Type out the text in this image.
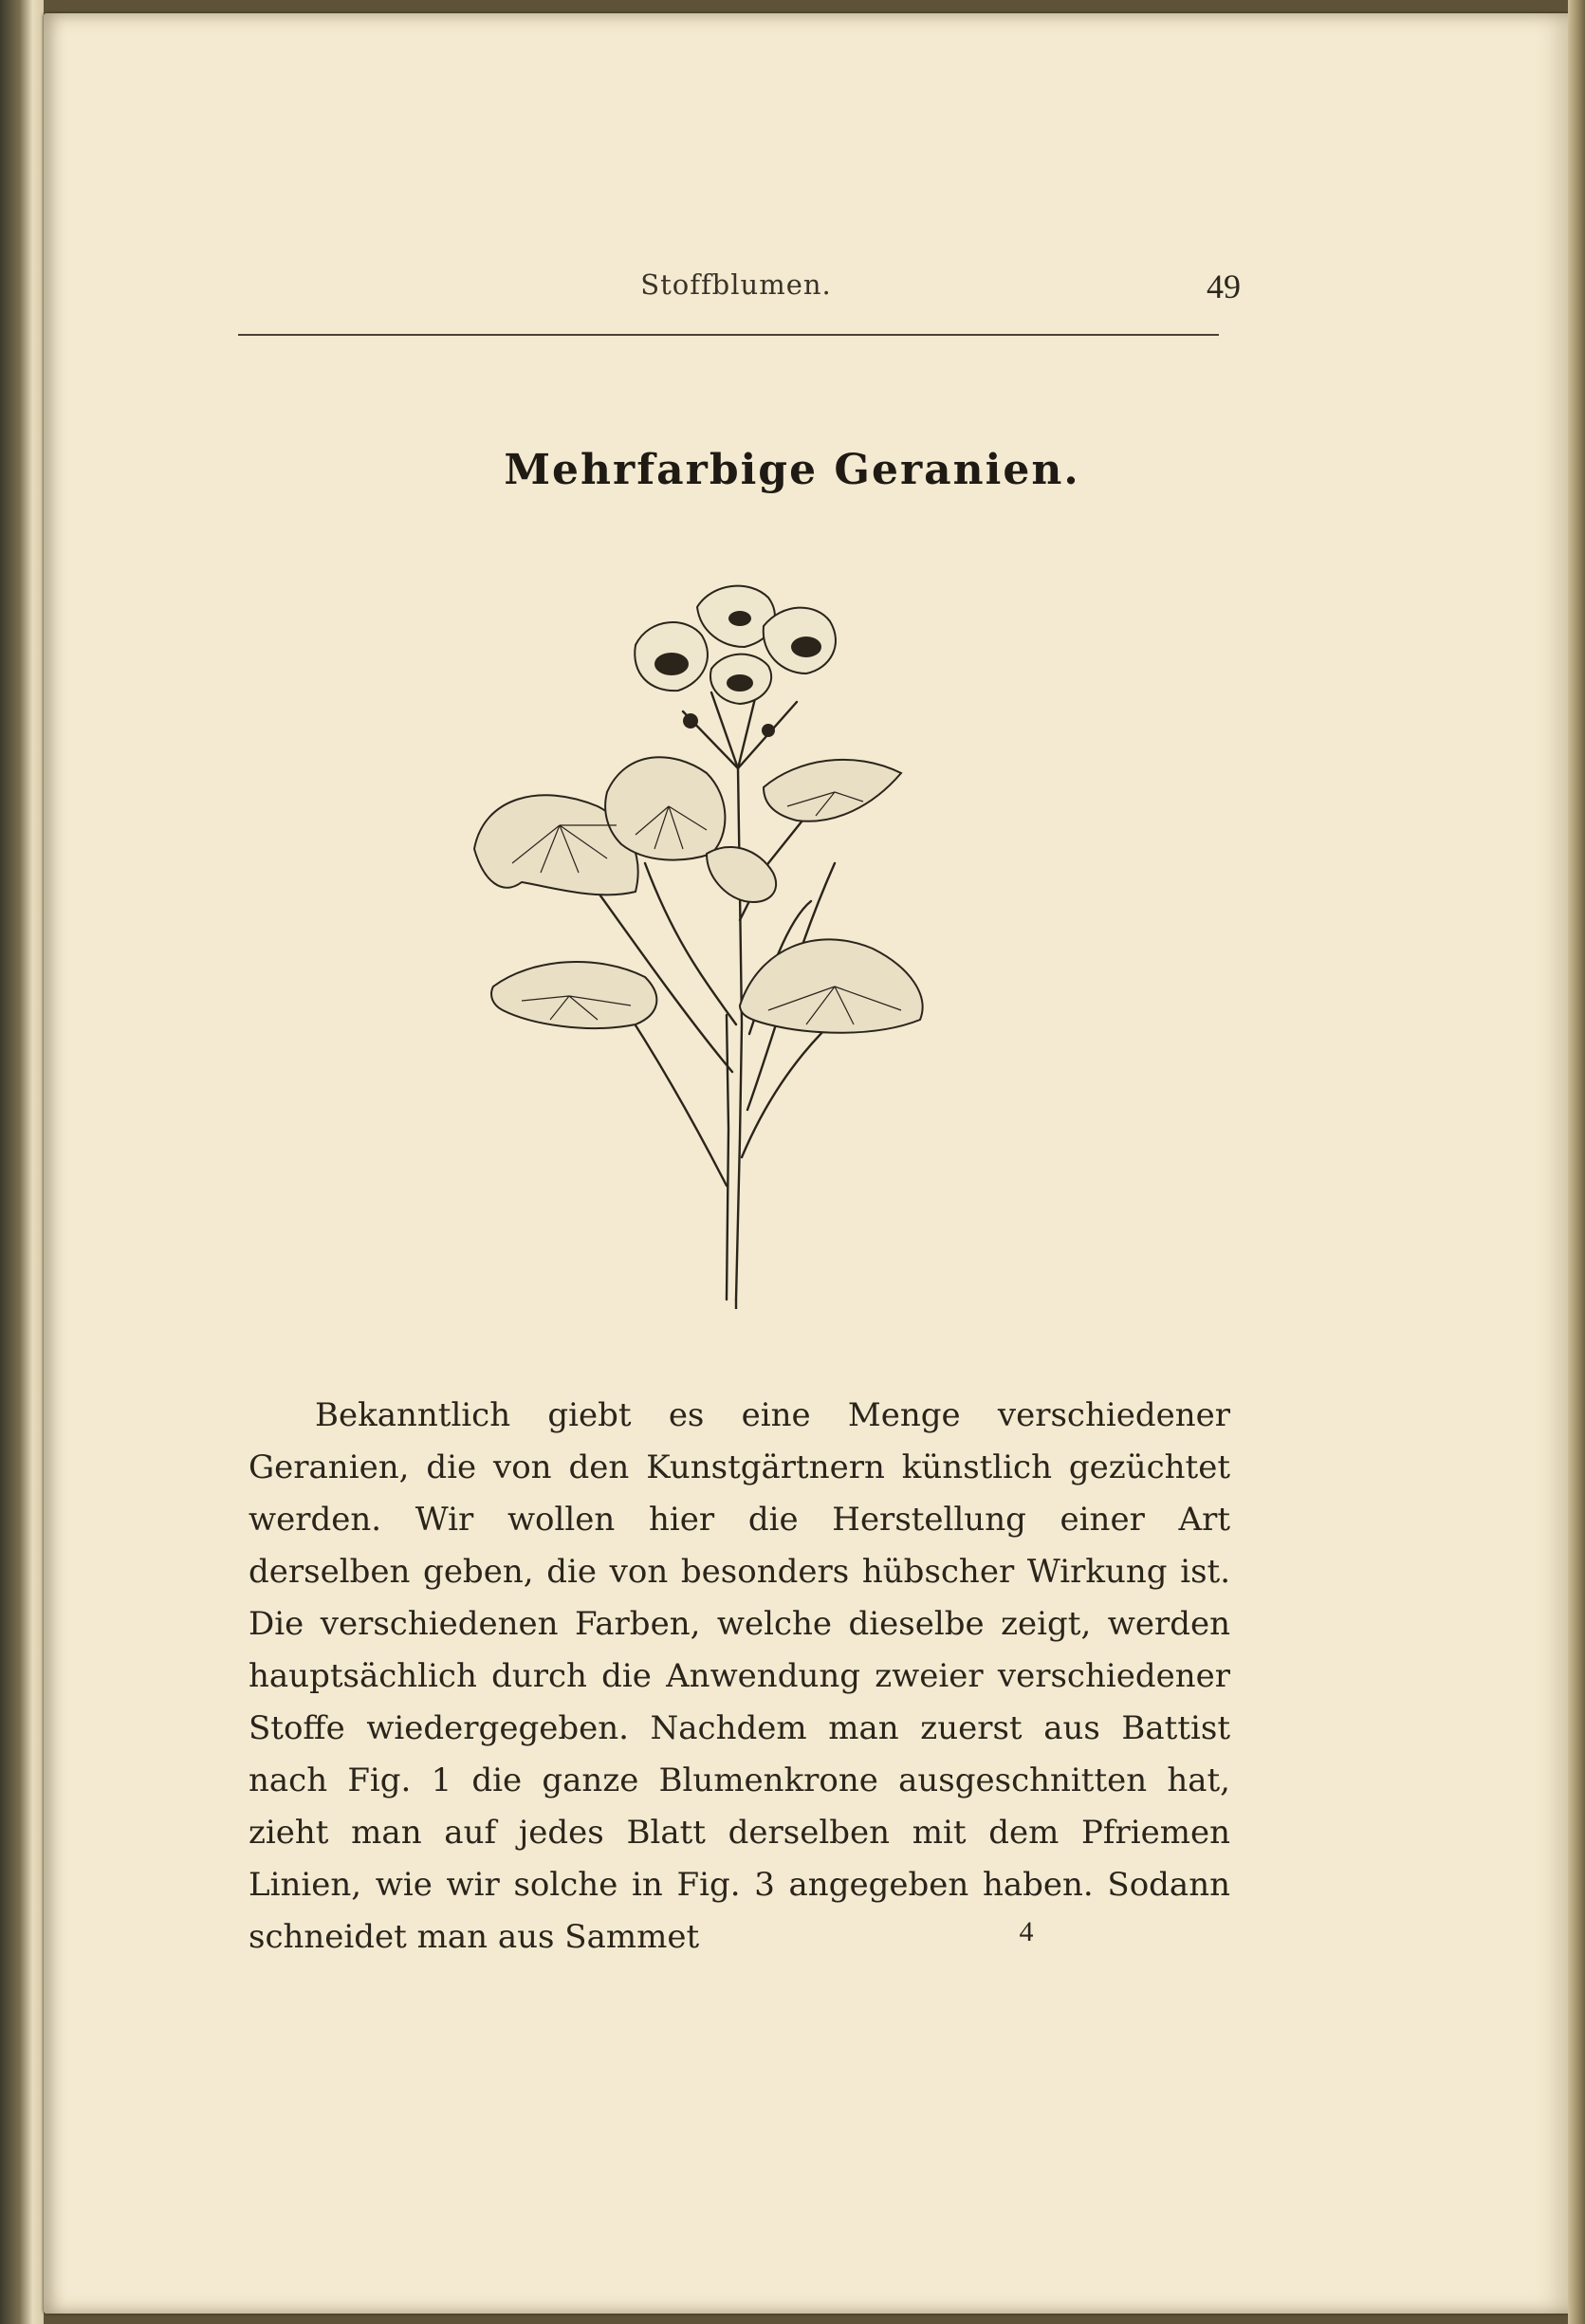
Stoffblumen.	49
Mehrfarbige Geranien.

Bekanntlich giebt es eine Menge verschiedener Geranien, die von den Kunstgärtnern künstlich gezüchtet werden. Wir wollen hier die Herstellung einer Art derselben geben, die von besonders hübscher Wirkung ist. Die verschiedenen Farben, welche dieselbe zeigt, werden hauptsächlich durch die Anwendung zweier verschiedener Stoffe wiedergegeben. Nachdem man zuerst aus Battist nach Fig. 1 die ganze Blumenkrone ausgeschnitten hat, zieht man auf jedes Blatt derselben mit dem Pfriemen Linien, wie wir solche in Fig. 3 angegeben haben. Sodann schneidet man aus Sammet	4
